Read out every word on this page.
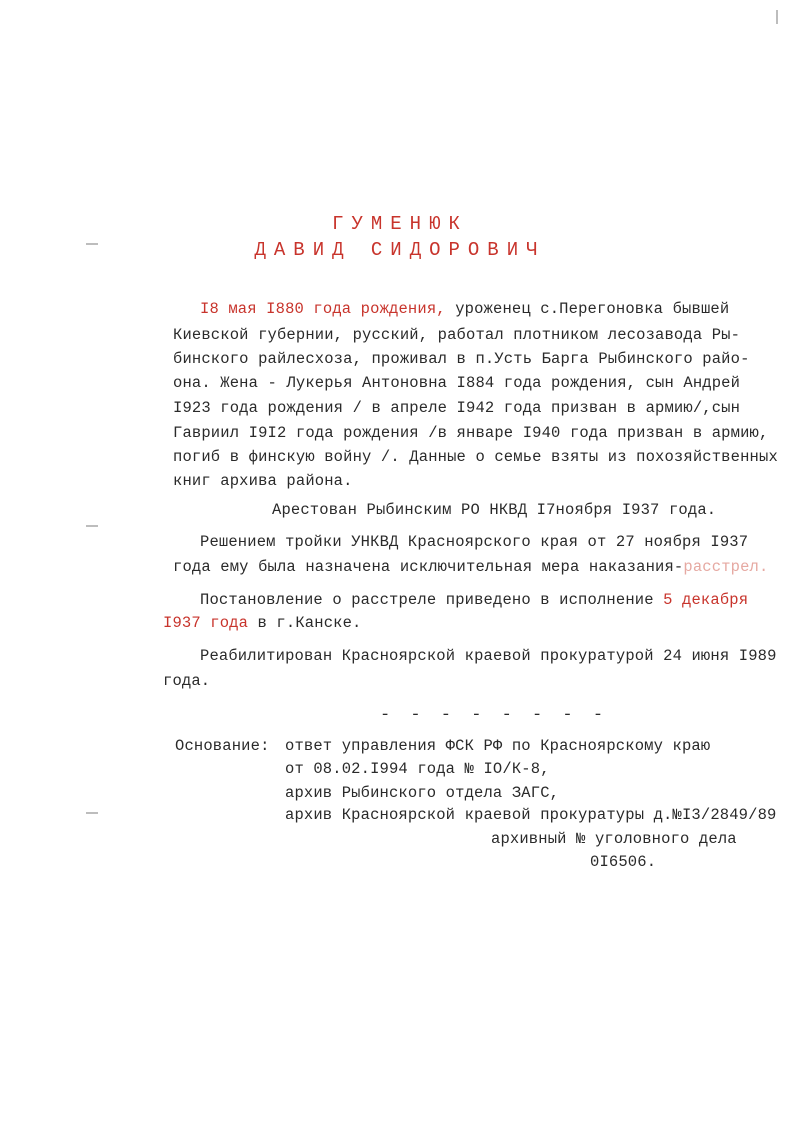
ГУМЕНЮК
ДАВИД СИДОРОВИЧ
I8 мая I880 года рождения, уроженец с.Перегоновка бывшей
Киевской губернии, русский, работал плотником лесозавода Ры-
бинского райлесхоза, проживал в п.Усть Барга Рыбинского райо-
она. Жена - Лукерья Антоновна I884 года рождения, сын Андрей
I923 года рождения / в апреле I942 года призван в армию/,сын
Гавриил I9I2 года рождения /в январе I940 года призван в армию,
погиб в финскую войну /. Данные о семье взяты из похозяйственных
книг архива района.
Арестован Рыбинским РО НКВД I7ноября I937 года.
Решением тройки УНКВД Красноярского края от 27 ноября I937
года ему была назначена исключительная мера наказания-расстрел.
Постановление о расстреле приведено в исполнение 5 декабря
I937 года в г.Канске.
Реабилитирован Красноярской краевой прокуратурой 24 июня I989
года.
- - - - - - - -
Основание: ответ управления ФСК РФ по Красноярскому краю
от 08.02.I994 года № IO/К-8,
архив Рыбинского отдела ЗАГС,
архив Красноярской краевой прокуратуры д.№I3/2849/89
архивный № уголовного дела
0I6506.
